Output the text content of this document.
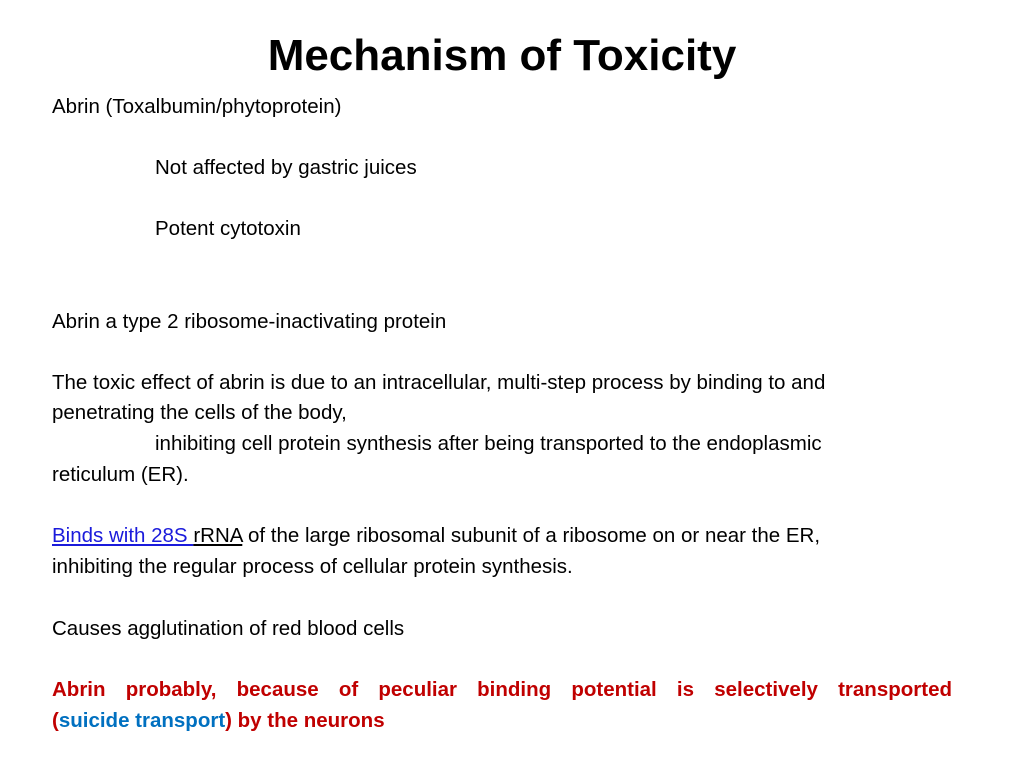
Mechanism of Toxicity
Abrin (Toxalbumin/phytoprotein)
Not affected by gastric juices
Potent cytotoxin
Abrin a type 2 ribosome-inactivating protein
The toxic effect of abrin is due to an intracellular, multi-step process by binding to and
penetrating the cells of the body,
inhibiting cell protein synthesis after being transported to the endoplasmic
reticulum (ER).
Binds with 28S rRNA of the large ribosomal subunit of a ribosome on or near the ER,
inhibiting the regular process of cellular protein synthesis.
Causes agglutination of red blood cells
Abrin probably, because of peculiar binding potential is selectively transported
(suicide transport) by the neurons
